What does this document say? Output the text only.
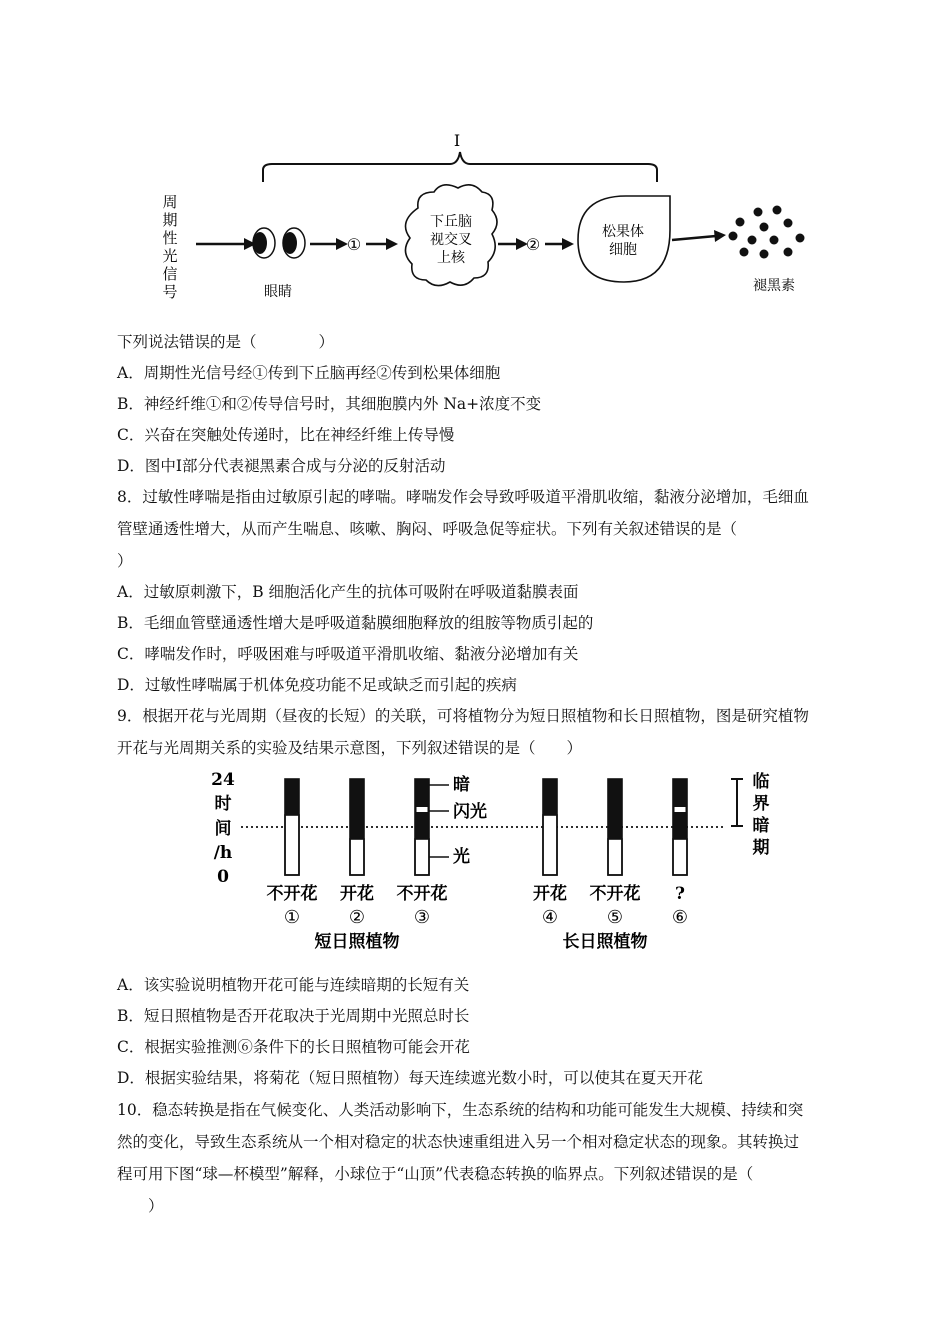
I
周
期
性
光
信
号	眼睛
①
下丘脑
视交叉
上核
②
松果体
细胞
褪黑素
下列说法错误的是（　　　　）
A．周期性光信号经①传到下丘脑再经②传到松果体细胞
B．神经纤维①和②传导信号时，其细胞膜内外 Na+浓度不变
C．兴奋在突触处传递时，比在神经纤维上传导慢
D．图中Ⅰ部分代表褪黑素合成与分泌的反射活动
8．过敏性哮喘是指由过敏原引起的哮喘。哮喘发作会导致呼吸道平滑肌收缩，黏液分泌增加，毛细血
管壁通透性增大，从而产生喘息、咳嗽、胸闷、呼吸急促等症状。下列有关叙述错误的是（
）
A．过敏原刺激下，B 细胞活化产生的抗体可吸附在呼吸道黏膜表面
B．毛细血管壁通透性增大是呼吸道黏膜细胞释放的组胺等物质引起的
C．哮喘发作时，呼吸困难与呼吸道平滑肌收缩、黏液分泌增加有关
D．过敏性哮喘属于机体免疫功能不足或缺乏而引起的疾病
9．根据开花与光周期（昼夜的长短）的关联，可将植物分为短日照植物和长日照植物，图是研究植物
开花与光周期关系的实验及结果示意图，下列叙述错误的是（　　）
24
时
间
/h
0
暗
闪光
光
临
界
暗
期
短日照植物	长日照植物
不开花
①
开花
②
不开花
③
开花
④
不开花
⑤
?
⑥
A．该实验说明植物开花可能与连续暗期的长短有关
B．短日照植物是否开花取决于光周期中光照总时长
C．根据实验推测⑥条件下的长日照植物可能会开花
D．根据实验结果，将菊花（短日照植物）每天连续遮光数小时，可以使其在夏天开花
10．稳态转换是指在气候变化、人类活动影响下，生态系统的结构和功能可能发生大规模、持续和突
然的变化，导致生态系统从一个相对稳定的状态快速重组进入另一个相对稳定状态的现象。其转换过
程可用下图“球—杯模型”解释，小球位于“山顶”代表稳态转换的临界点。下列叙述错误的是（
　　）
